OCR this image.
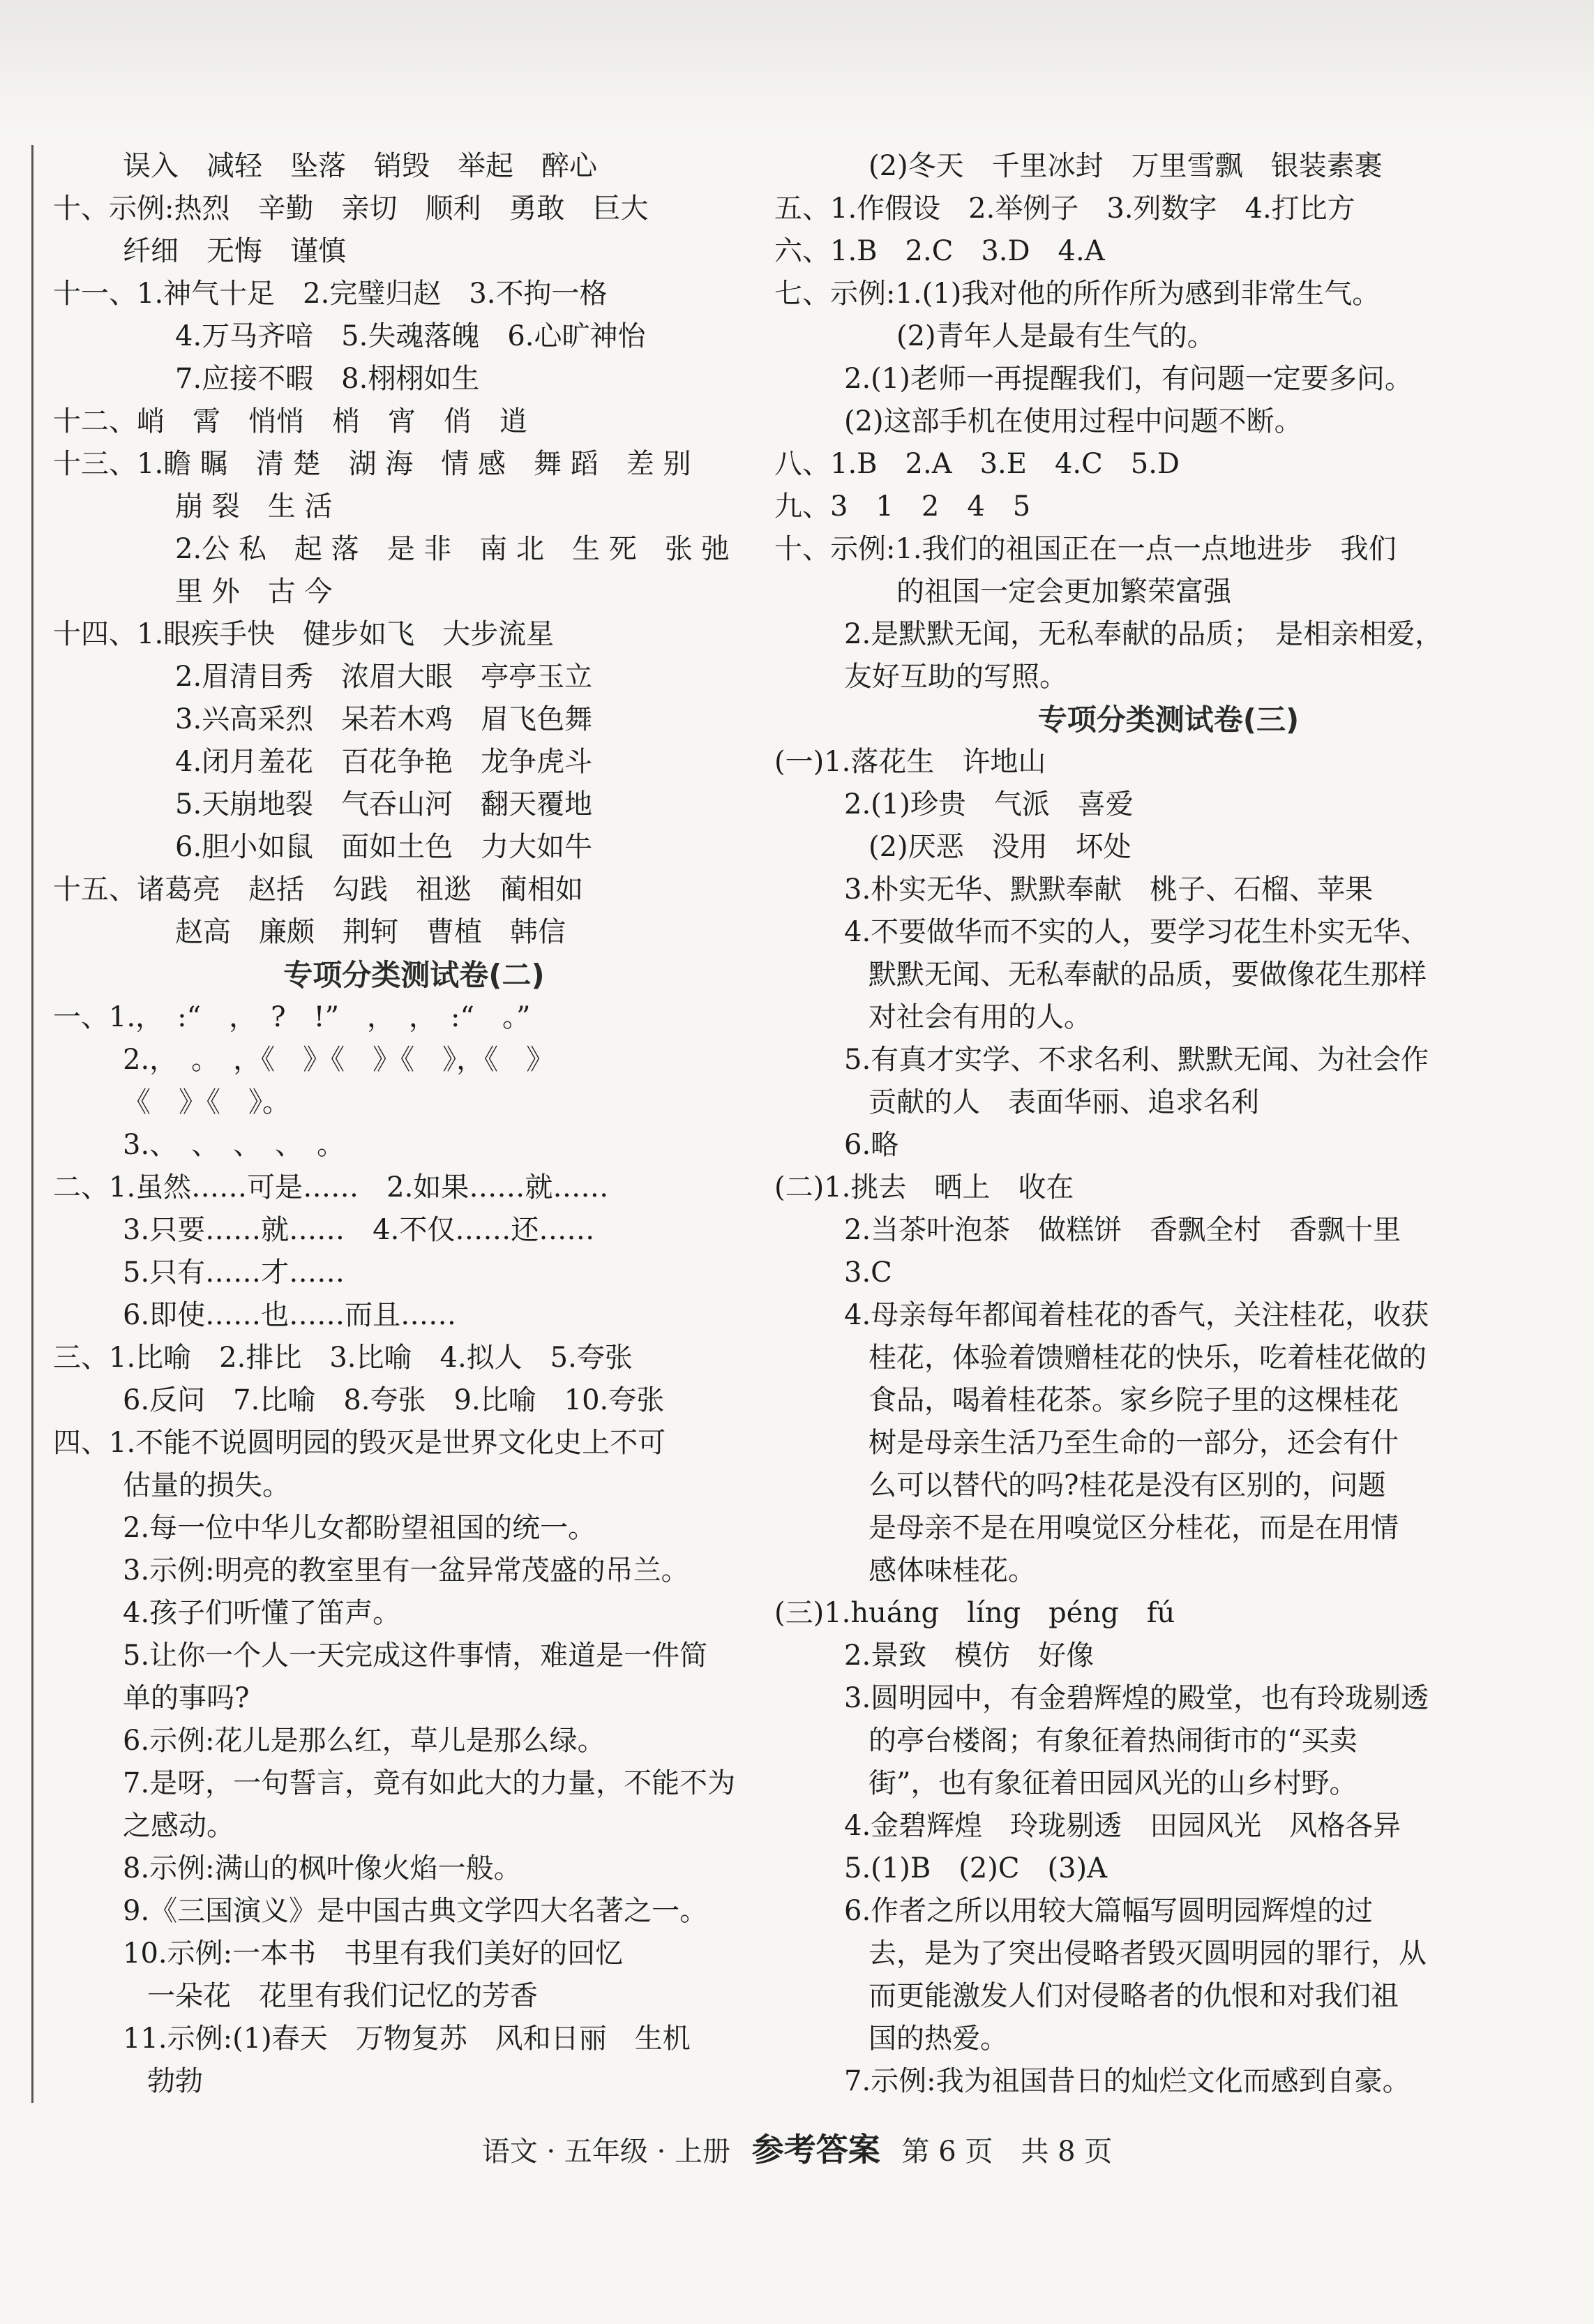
误入　减轻　坠落　销毁　举起　醉心
十、示例:热烈　辛勤　亲切　顺利　勇敢　巨大
纤细　无悔　谨慎
十一、1.神气十足　2.完璧归赵　3.不拘一格
4.万马齐喑　5.失魂落魄　6.心旷神怡
7.应接不暇　8.栩栩如生
十二、峭　霄　悄悄　梢　宵　俏　逍
十三、1.瞻 瞩　清 楚　湖 海　情 感　舞 蹈　差 别
崩 裂　生 活
2.公 私　起 落　是 非　南 北　生 死　张 弛
里 外　古 今
十四、1.眼疾手快　健步如飞　大步流星
2.眉清目秀　浓眉大眼　亭亭玉立
3.兴高采烈　呆若木鸡　眉飞色舞
4.闭月羞花　百花争艳　龙争虎斗
5.天崩地裂　气吞山河　翻天覆地
6.胆小如鼠　面如土色　力大如牛
十五、诸葛亮　赵括　勾践　祖逖　蔺相如
赵高　廉颇　荆轲　曹植　韩信
专项分类测试卷(二)
一、1.，　:“　，　?　!”　，　，　:“　。”
2.，　。　，《　》《　》《　》，《　》
《　》《　》。
3.、　、　、　、　。
二、1.虽然……可是……　2.如果……就……
3.只要……就……　4.不仅……还……
5.只有……才……
6.即使……也……而且……
三、1.比喻　2.排比　3.比喻　4.拟人　5.夸张
6.反问　7.比喻　8.夸张　9.比喻　10.夸张
四、1.不能不说圆明园的毁灭是世界文化史上不可
估量的损失。
2.每一位中华儿女都盼望祖国的统一。
3.示例:明亮的教室里有一盆异常茂盛的吊兰。
4.孩子们听懂了笛声。
5.让你一个人一天完成这件事情，难道是一件简
单的事吗?
6.示例:花儿是那么红，草儿是那么绿。
7.是呀，一句誓言，竟有如此大的力量，不能不为
之感动。
8.示例:满山的枫叶像火焰一般。
9.《三国演义》是中国古典文学四大名著之一。
10.示例:一本书　书里有我们美好的回忆
一朵花　花里有我们记忆的芳香
11.示例:(1)春天　万物复苏　风和日丽　生机
勃勃
(2)冬天　千里冰封　万里雪飘　银装素裹
五、1.作假设　2.举例子　3.列数字　4.打比方
六、1.B　2.C　3.D　4.A
七、示例:1.(1)我对他的所作所为感到非常生气。
(2)青年人是最有生气的。
2.(1)老师一再提醒我们，有问题一定要多问。
(2)这部手机在使用过程中问题不断。
八、1.B　2.A　3.E　4.C　5.D
九、3　1　2　4　5
十、示例:1.我们的祖国正在一点一点地进步　我们
的祖国一定会更加繁荣富强
2.是默默无闻，无私奉献的品质；　是相亲相爱，
友好互助的写照。
专项分类测试卷(三)
(一)1.落花生　许地山
2.(1)珍贵　气派　喜爱
(2)厌恶　没用　坏处
3.朴实无华、默默奉献　桃子、石榴、苹果
4.不要做华而不实的人，要学习花生朴实无华、
默默无闻、无私奉献的品质，要做像花生那样
对社会有用的人。
5.有真才实学、不求名利、默默无闻、为社会作
贡献的人　表面华丽、追求名利
6.略
(二)1.挑去　晒上　收在
2.当茶叶泡茶　做糕饼　香飘全村　香飘十里
3.C
4.母亲每年都闻着桂花的香气，关注桂花，收获
桂花，体验着馈赠桂花的快乐，吃着桂花做的
食品，喝着桂花茶。家乡院子里的这棵桂花
树是母亲生活乃至生命的一部分，还会有什
么可以替代的吗?桂花是没有区别的，问题
是母亲不是在用嗅觉区分桂花，而是在用情
感体味桂花。
(三)1.huáng　líng　péng　fú
2.景致　模仿　好像
3.圆明园中，有金碧辉煌的殿堂，也有玲珑剔透
的亭台楼阁；有象征着热闹街市的“买卖
街”，也有象征着田园风光的山乡村野。
4.金碧辉煌　玲珑剔透　田园风光　风格各异
5.(1)B　(2)C　(3)A
6.作者之所以用较大篇幅写圆明园辉煌的过
去，是为了突出侵略者毁灭圆明园的罪行，从
而更能激发人们对侵略者的仇恨和对我们祖
国的热爱。
7.示例:我为祖国昔日的灿烂文化而感到自豪。
语文 · 五年级 · 上册 参考答案 第 6 页　共 8 页
